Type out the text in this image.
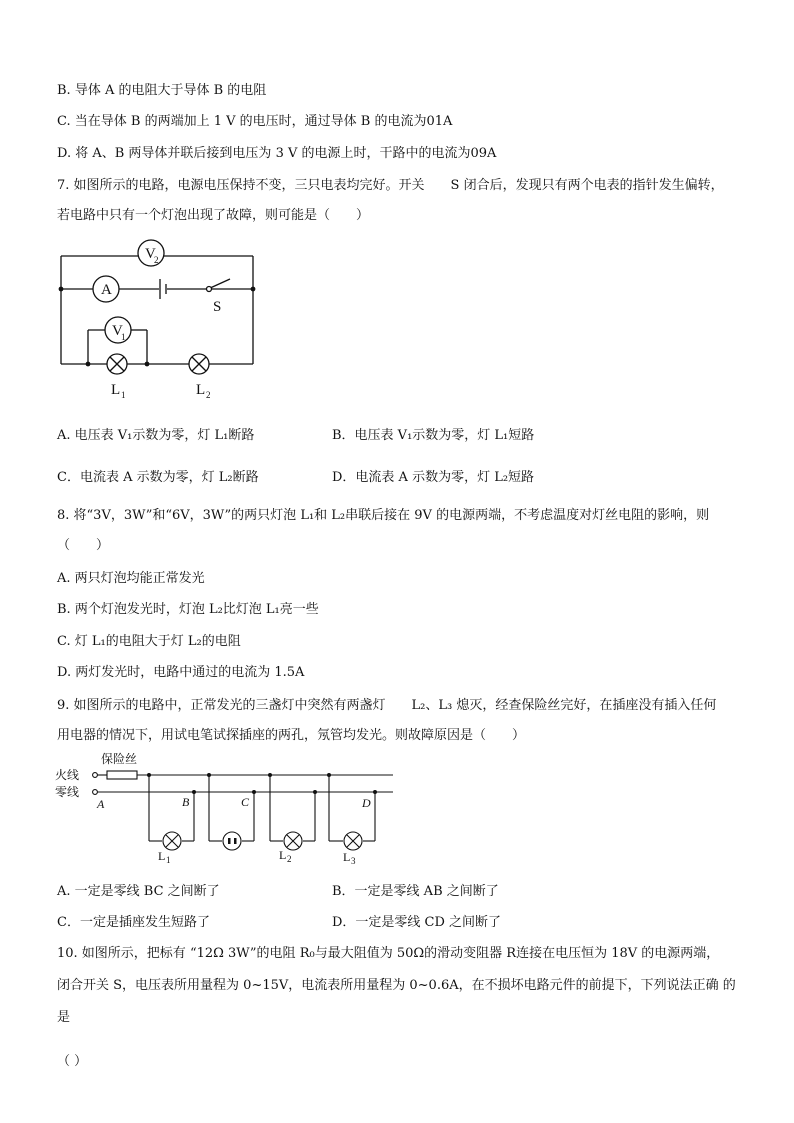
B. 导体 A 的电阻大于导体 B 的电阻
C. 当在导体 B 的两端加上 1 V 的电压时，通过导体 B 的电流为01A
D. 将 A、B 两导体并联后接到电压为 3 V 的电源上时，干路中的电流为09A
7. 如图所示的电路，电源电压保持不变，三只电表均完好。开关　　S 闭合后，发现只有两个电表的指针发生偏转，
若电路中只有一个灯泡出现了故障，则可能是（　　）
V
2
A
V
1
S
L 1	L 2
A. 电压表 V₁示数为零，灯 L₁断路	B．电压表 V₁示数为零，灯 L₁短路
C．电流表 A 示数为零，灯 L₂断路	D．电流表 A 示数为零，灯 L₂短路
8. 将“3V，3W”和“6V，3W”的两只灯泡 L₁和 L₂串联后接在 9V 的电源两端，不考虑温度对灯丝电阻的影响，则
（　　）
A. 两只灯泡均能正常发光
B. 两个灯泡发光时，灯泡 L₂比灯泡 L₁亮一些
C. 灯 L₁的电阻大于灯 L₂的电阻
D. 两灯发光时，电路中通过的电流为 1.5A
9. 如图所示的电路中，正常发光的三盏灯中突然有两盏灯　　L₂、L₃ 熄灭，经查保险丝完好，在插座没有插入任何
用电器的情况下，用试电笔试探插座的两孔，氖管均发光。则故障原因是（　　）
保险丝
火线
零线
A	B	C	D
L 1	L 2	L 3
A. 一定是零线 BC 之间断了	B．一定是零线 AB 之间断了
C．一定是插座发生短路了	D．一定是零线 CD 之间断了
10. 如图所示，把标有 “12Ω 3W”的电阻 R₀与最大阻值为 50Ω的滑动变阻器 R连接在电压恒为 18V 的电源两端，
闭合开关 S，电压表所用量程为 0~15V，电流表所用量程为 0~0.6A，在不损坏电路元件的前提下，下列说法正确 的
是
（ ）
